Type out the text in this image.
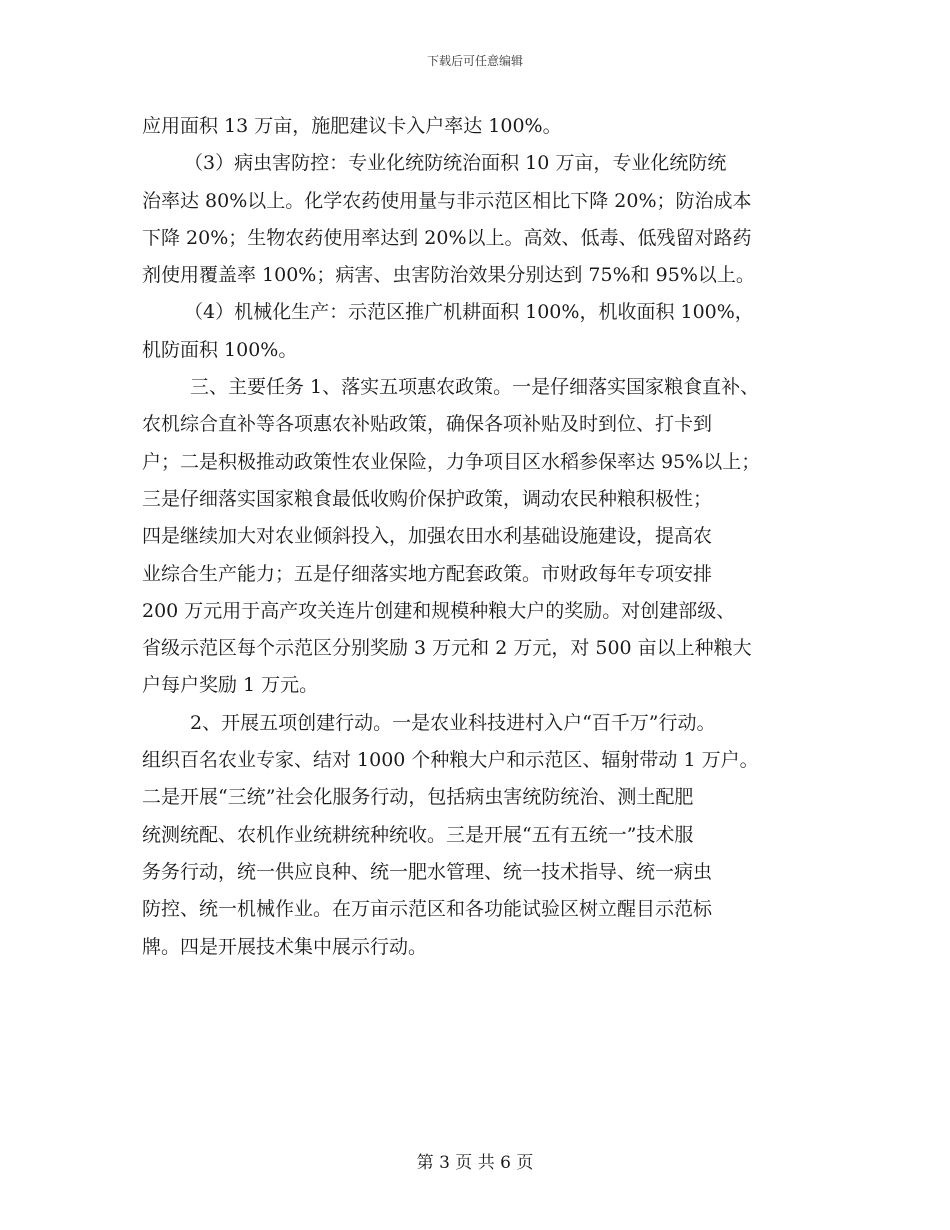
下载后可任意编辑
应用面积 13 万亩，施肥建议卡入户率达 100%。
（3）病虫害防控：专业化统防统治面积 10 万亩，专业化统防统
治率达 80%以上。化学农药使用量与非示范区相比下降 20%；防治成本
下降 20%；生物农药使用率达到 20%以上。高效、低毒、低残留对路药
剂使用覆盖率 100%；病害、虫害防治效果分别达到 75%和 95%以上。
（4）机械化生产：示范区推广机耕面积 100%，机收面积 100%，
机防面积 100%。
三、主要任务 1、落实五项惠农政策。一是仔细落实国家粮食直补、
农机综合直补等各项惠农补贴政策，确保各项补贴及时到位、打卡到
户；二是积极推动政策性农业保险，力争项目区水稻参保率达 95%以上；
三是仔细落实国家粮食最低收购价保护政策，调动农民种粮积极性；
四是继续加大对农业倾斜投入，加强农田水利基础设施建设，提高农
业综合生产能力；五是仔细落实地方配套政策。市财政每年专项安排
200 万元用于高产攻关连片创建和规模种粮大户的奖励。对创建部级、
省级示范区每个示范区分别奖励 3 万元和 2 万元，对 500 亩以上种粮大
户每户奖励 1 万元。
2、开展五项创建行动。一是农业科技进村入户“百千万”行动。
组织百名农业专家、结对 1000 个种粮大户和示范区、辐射带动 1 万户。
二是开展“三统”社会化服务行动，包括病虫害统防统治、测土配肥
统测统配、农机作业统耕统种统收。三是开展“五有五统一”技术服
务务行动，统一供应良种、统一肥水管理、统一技术指导、统一病虫
防控、统一机械作业。在万亩示范区和各功能试验区树立醒目示范标
牌。四是开展技术集中展示行动。
第 3 页 共 6 页
